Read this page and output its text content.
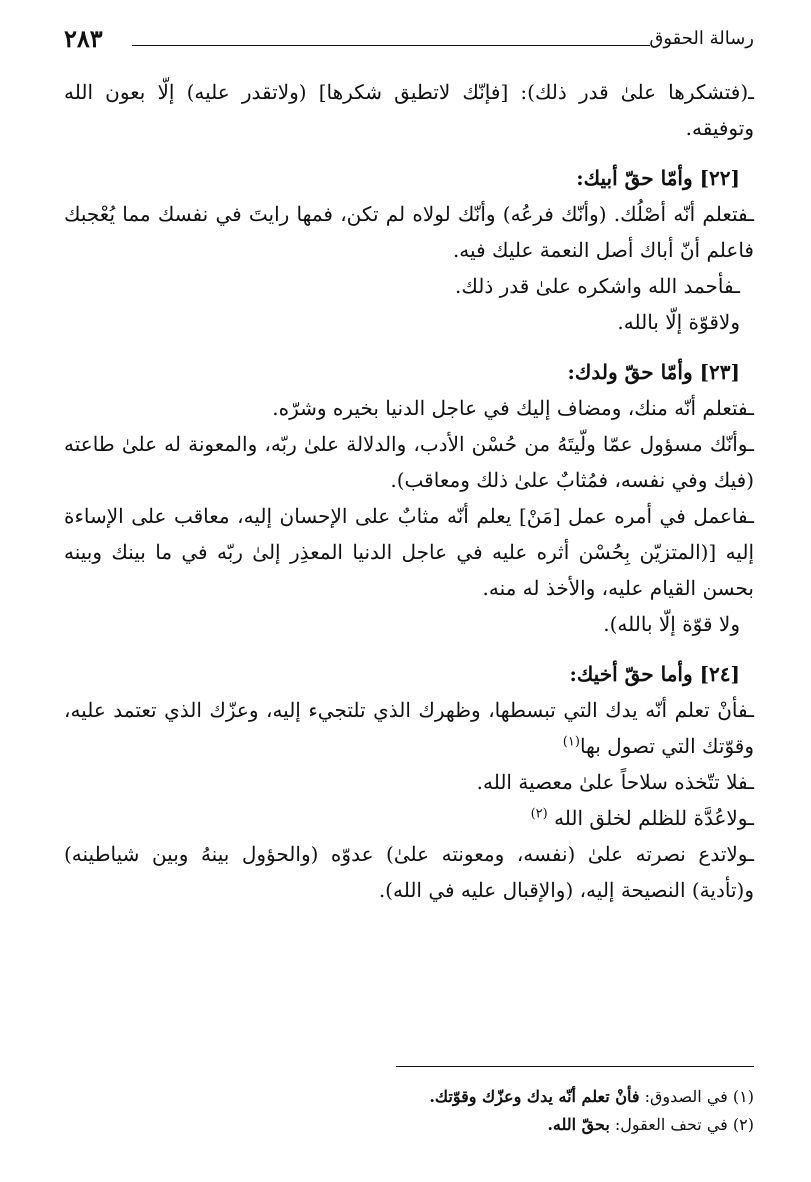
رسالة الحقوق
٢٨٣

ـ(فتشكرها علىٰ قدر ذلك): [فإنّك لاتطيق شكرها] (ولاتقدر عليه) إلّا بعون الله وتوفيقه.

[٢٢] وأمّا حقّ أبيك:

ـفتعلم أنّه أصْلُك. (وأنّك فرعُه) وأنّك لولاه لم تكن، فمها رايتَ في نفسك مما يُعْجبك فاعلم أنّ أباك أصل النعمة عليك فيه.

ـفأحمد الله واشكره علىٰ قدر ذلك.

ولاقوّة إلّا بالله.

[٢٣] وأمّا حقّ ولدك:

ـفتعلم أنّه منك، ومضاف إليك في عاجل الدنيا بخيره وشرّه.

ـوأنّك مسؤول عمّا ولّيتَهُ من حُسْن الأدب، والدلالة علىٰ ربّه، والمعونة له علىٰ طاعته (فيك وفي نفسه، فمُثابٌ علىٰ ذلك ومعاقب).

ـفاعمل في أمره عمل [مَنْ] يعلم أنّه مثابٌ على الإحسان إليه، معاقب على الإساءة إليه [(المتزيّن بِحُسْن أثره عليه في عاجل الدنيا المعذِر إلىٰ ربّه في ما بينك وبينه بحسن القيام عليه، والأخذ له منه.

ولا قوّة إلّا بالله).

[٢٤] وأما حقّ أخيك:

ـفأنْ تعلم أنّه يدك التي تبسطها، وظهرك الذي تلتجيء إليه، وعزّك الذي تعتمد عليه، وقوّتك التي تصول بها$^{(١)}$

ـفلا تتّخذه سلاحاً علىٰ معصية الله.

ـولاعُدَّة للظلم لخلق الله $^{(٢)}$

ـولاتدع نصرته علىٰ (نفسه، ومعونته علىٰ) عدوّه (والحؤول بينهُ وبين شياطينه) و(تأدية) النصيحة إليه، (والإقبال عليه في الله).

(١) في الصدوق: فأنْ تعلم أنّه يدك وعزّك وقوّتك.

(٢) في تحف العقول: بحقّ الله.
